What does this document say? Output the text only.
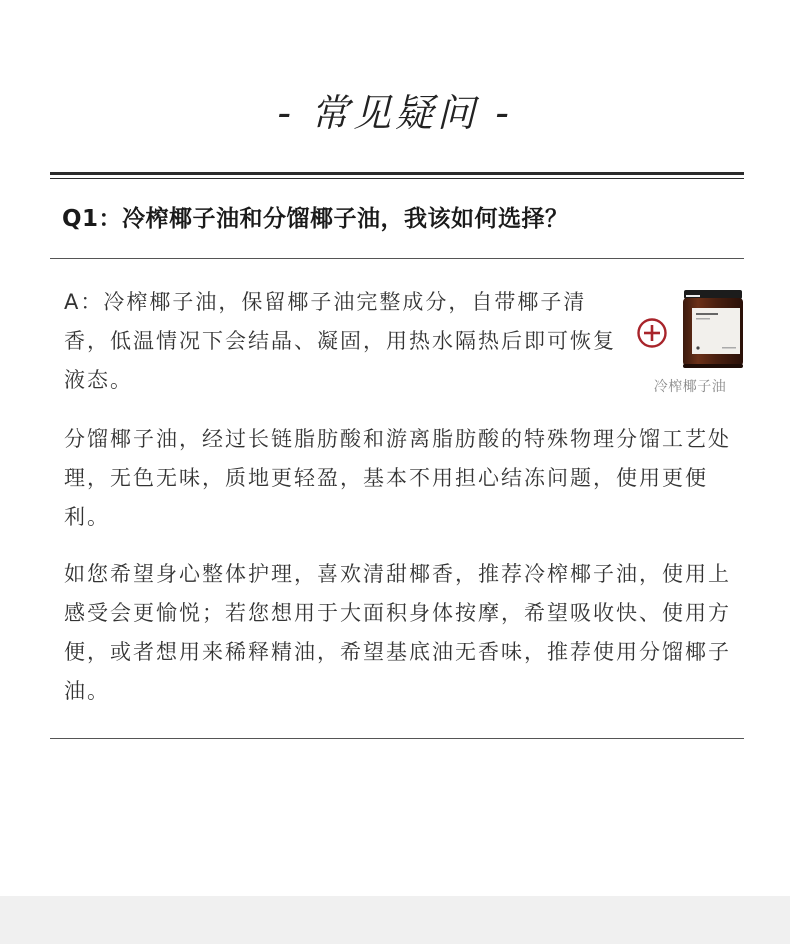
- 常见疑问 -
Q1：冷榨椰子油和分馏椰子油，我该如何选择？

A：冷榨椰子油，保留椰子油完整成分，自带椰子清香，低温情况下会结晶、凝固，用热水隔热后即可恢复液态。	冷榨椰子油

分馏椰子油，经过长链脂肪酸和游离脂肪酸的特殊物理分馏工艺处理，无色无味，质地更轻盈，基本不用担心结冻问题，使用更便利。

如您希望身心整体护理，喜欢清甜椰香，推荐冷榨椰子油，使用上感受会更愉悦；若您想用于大面积身体按摩，希望吸收快、使用方便，或者想用来稀释精油，希望基底油无香味，推荐使用分馏椰子油。
